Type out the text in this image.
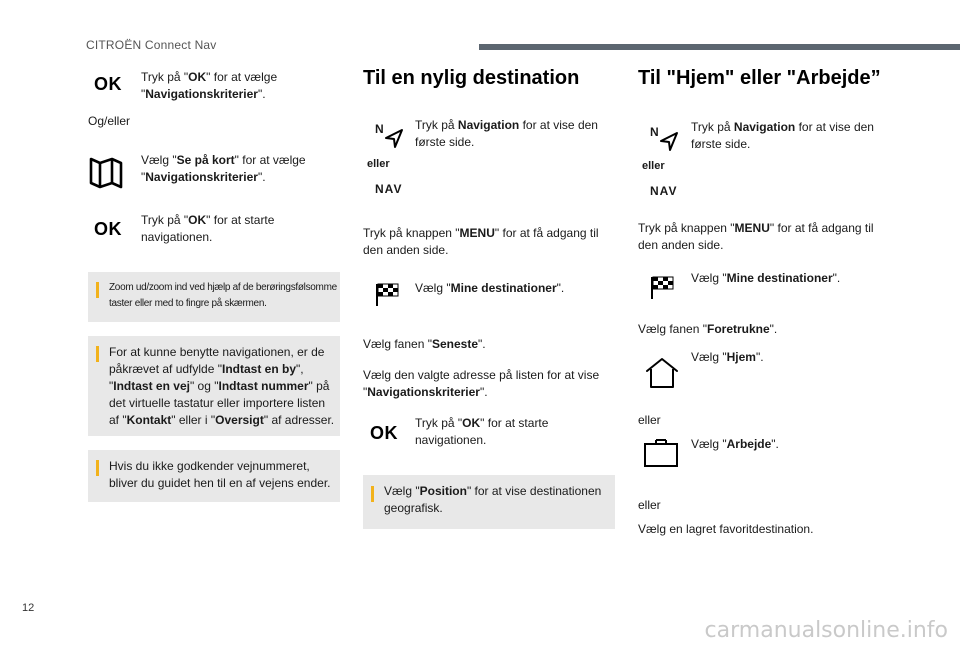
CITROËN Connect Nav
OK Tryk på "OK" for at vælge "Navigationskriterier".
Og/eller
Vælg "Se på kort" for at vælge "Navigationskriterier".
OK Tryk på "OK" for at starte navigationen.
Zoom ud/zoom ind ved hjælp af de berøringsfølsomme taster eller med to fingre på skærmen.
For at kunne benytte navigationen, er de påkrævet af udfylde "Indtast en by", "Indtast en vej" og "Indtast nummer" på det virtuelle tastatur eller importere listen af "Kontakt" eller i "Oversigt" af adresser.
Hvis du ikke godkender vejnummeret, bliver du guidet hen til en af vejens ender.
Til en nylig destination
N
eller
NAV
Tryk på Navigation for at vise den første side.
Tryk på knappen "MENU" for at få adgang til den anden side.
Vælg "Mine destinationer".
Vælg fanen "Seneste".
Vælg den valgte adresse på listen for at vise "Navigationskriterier".
OK Tryk på "OK" for at starte navigationen.
Vælg "Position" for at vise destinationen geografisk.
Til "Hjem" eller "Arbejde”
N
eller
NAV
Tryk på Navigation for at vise den første side.
Tryk på knappen "MENU" for at få adgang til den anden side.
Vælg "Mine destinationer".
Vælg fanen "Foretrukne".
Vælg "Hjem".
eller
Vælg "Arbejde".
eller
Vælg en lagret favoritdestination.
12
carmanualsonline.info
